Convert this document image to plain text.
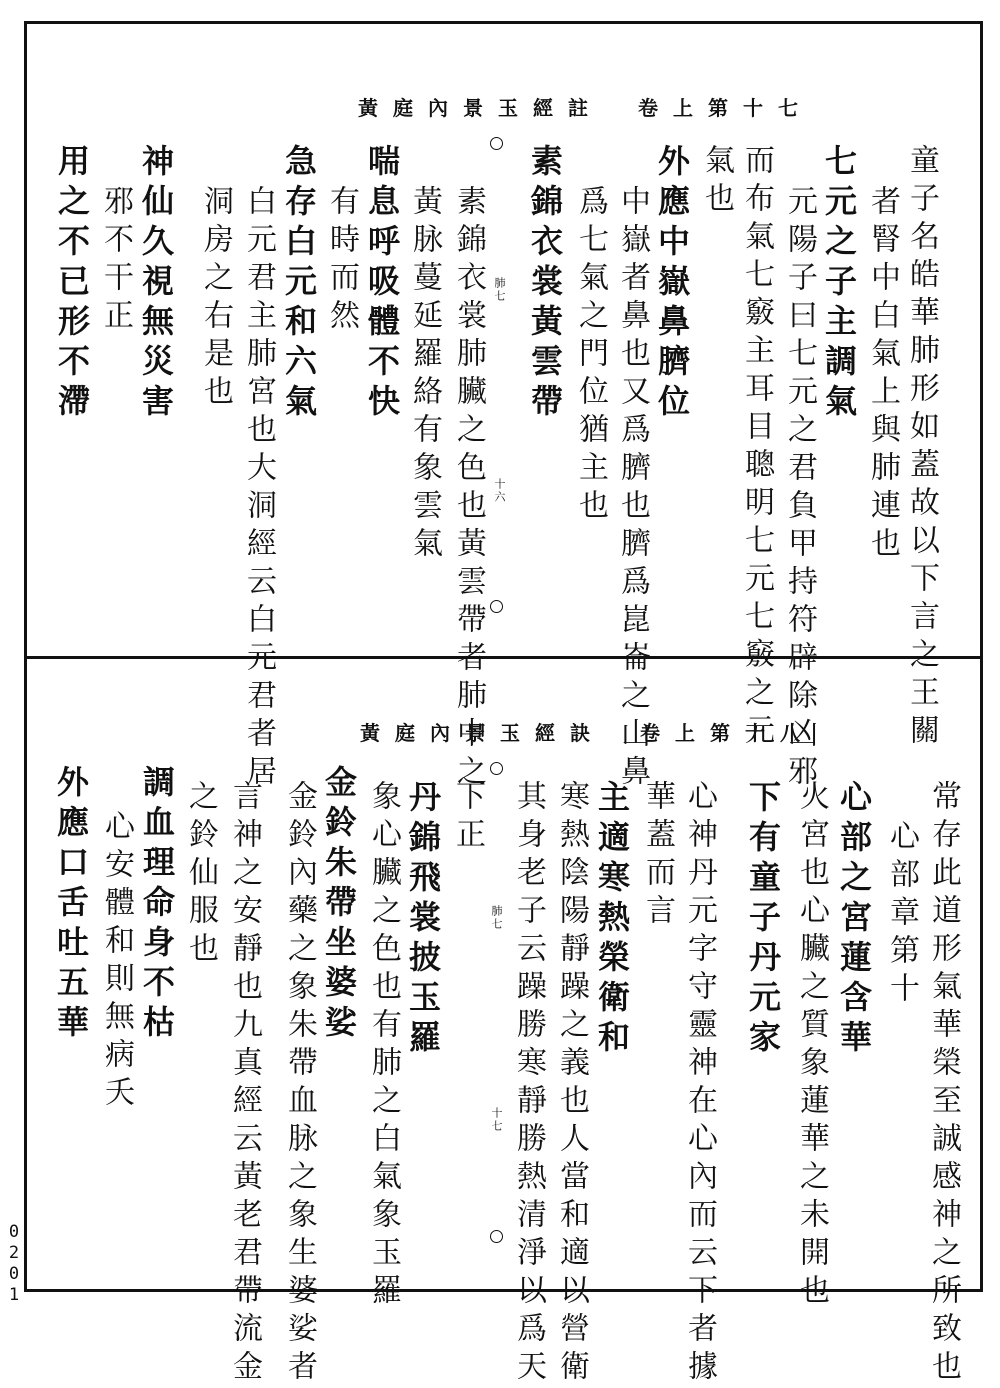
黃庭內景玉經註　卷上第十七
童子名皓華肺形如蓋故以下言之王關
者腎中白氣上與肺連也
七元之子主調氣
元陽子曰七元之君負甲持符辟除凶邪
而布氣七竅主耳目聰明七元七竅之元
氣也
外應中嶽鼻臍位
中嶽者鼻也又爲臍也臍爲崑崙之山鼻
爲七氣之門位猶主也
素錦衣裳黃雲帶
素錦衣裳肺臟之色也黃雲帶者肺中之
黃脉蔓延羅絡有象雲氣
喘息呼吸體不快
有時而然
急存白元和六氣
白元君主肺宮也大洞經云白元君者居
洞房之右是也
神仙久視無災害
邪不干正
用之不已形不滯	肺七
十六
黃庭內景玉經訣　卷上第十八
常存此道形氣華榮至誠感神之所致也
心部章第十
心部之宮蓮含華
火宮也心臟之質象蓮華之未開也
下有童子丹元家
心神丹元字守靈神在心內而云下者據
華蓋而言
主適寒熱榮衛和
寒熱陰陽靜躁之義也人當和適以營衛
其身老子云躁勝寒靜勝熱清淨以爲天
下正
丹錦飛裳披玉羅
象心臟之色也有肺之白氣象玉羅
金鈴朱帶坐婆娑
金鈴內藥之象朱帶血脉之象生婆娑者
言神之安靜也九真經云黃老君帶流金
之鈴仙服也
調血理命身不枯
心安體和則無病夭
外應口舌吐五華	肺七
十七
0201
